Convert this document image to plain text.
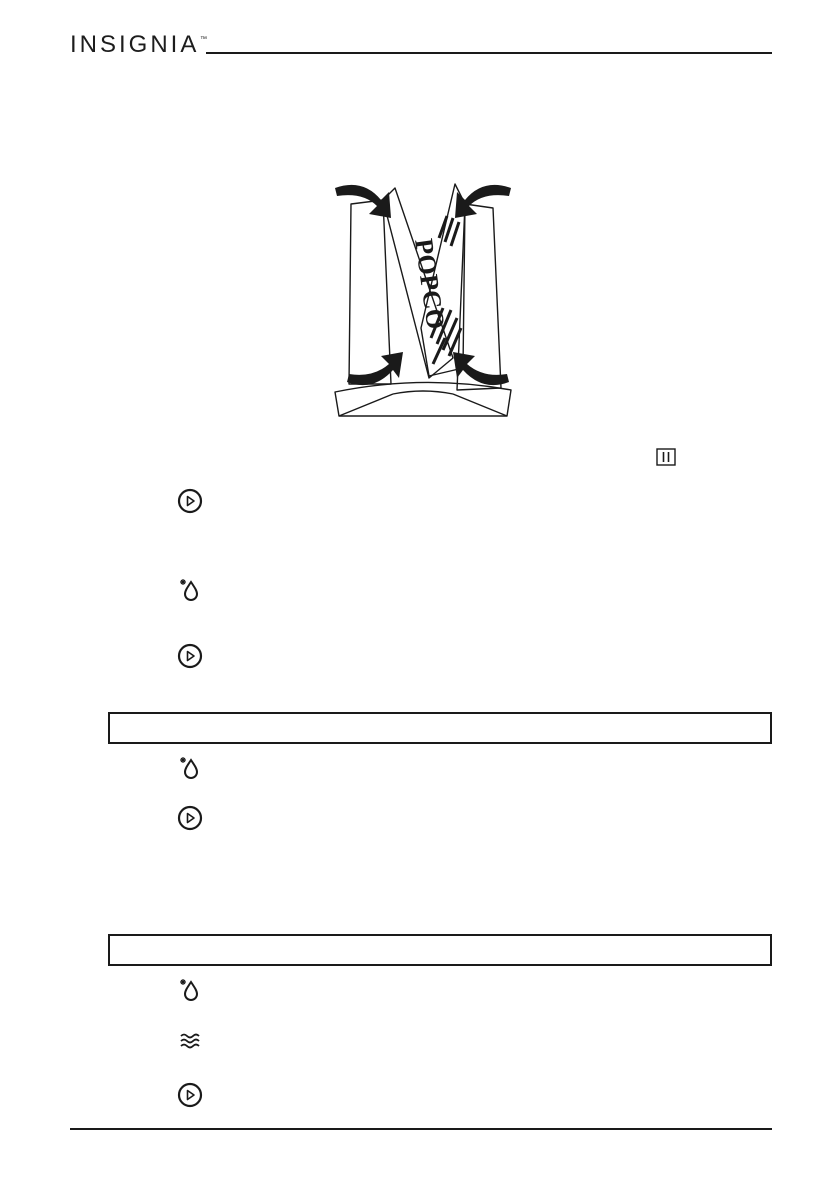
INSIGNIA ™
POPCO
